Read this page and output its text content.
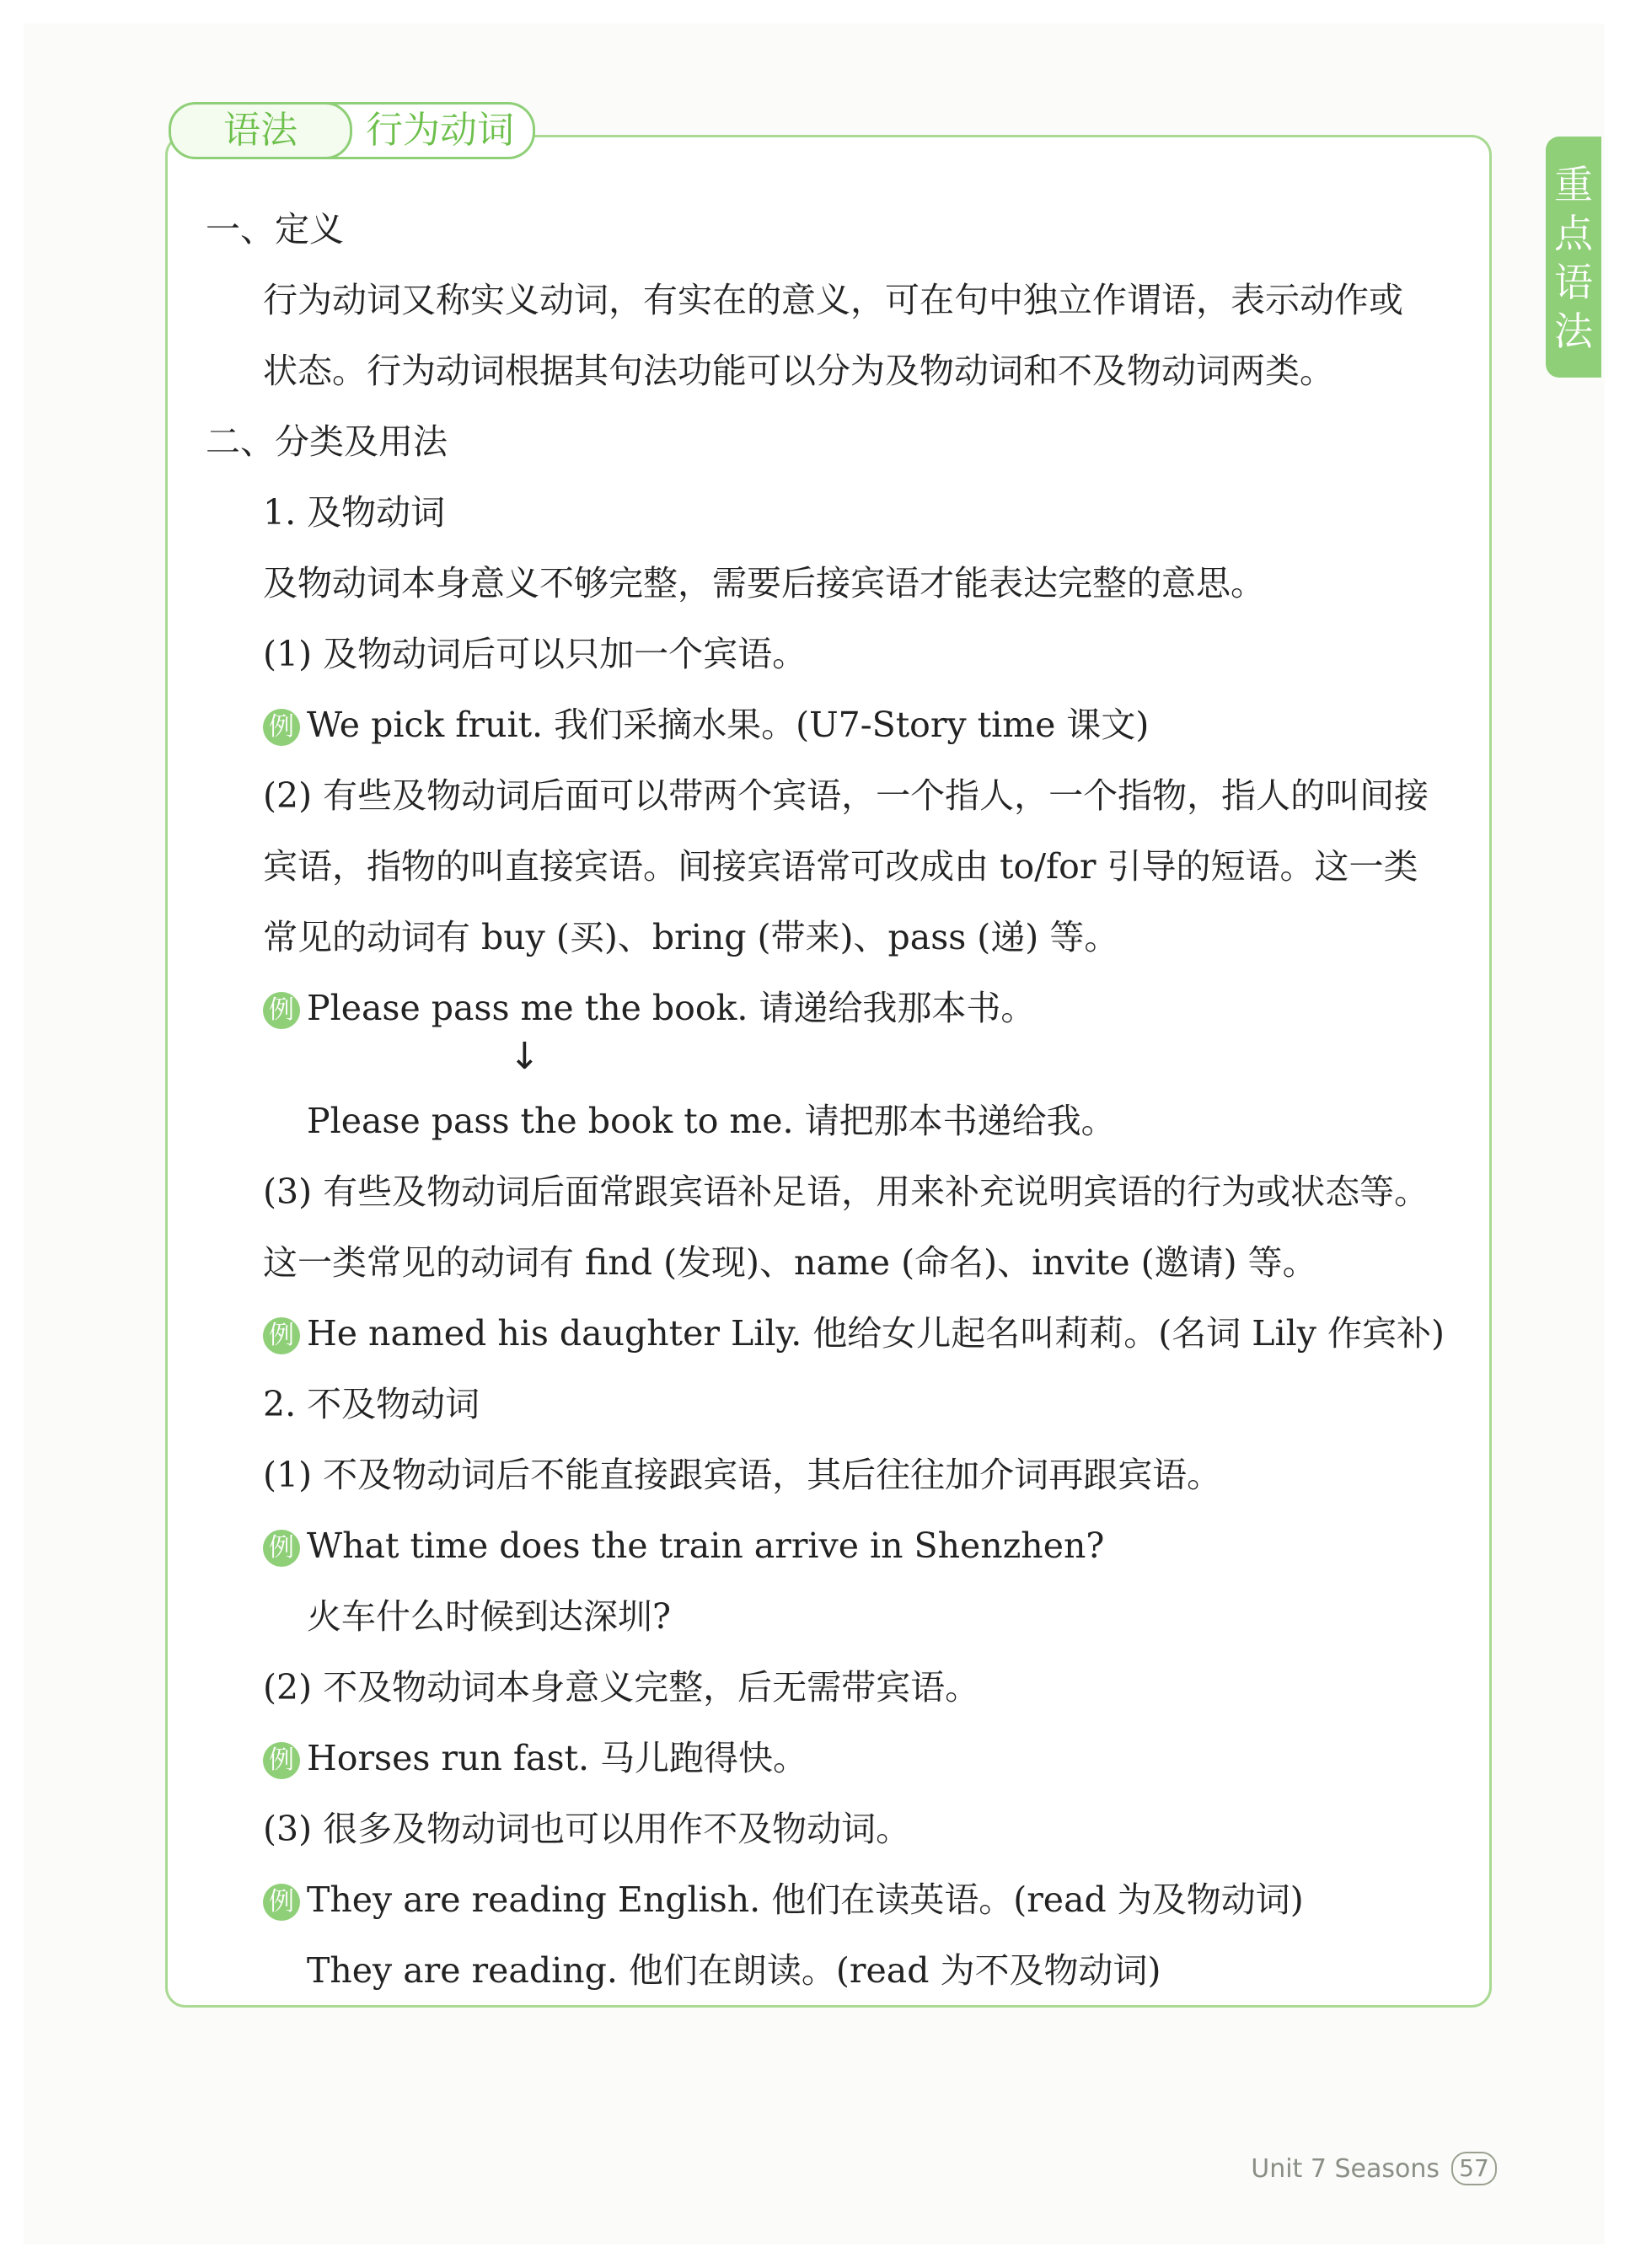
语法	行为动词
重
点
语
法
一、定义
行为动词又称实义动词，有实在的意义，可在句中独立作谓语，表示动作或
状态。行为动词根据其句法功能可以分为及物动词和不及物动词两类。
二、分类及用法
1. 及物动词
及物动词本身意义不够完整，需要后接宾语才能表达完整的意思。
(1) 及物动词后可以只加一个宾语。
例 We pick fruit. 我们采摘水果。(U7-Story time 课文)
(2) 有些及物动词后面可以带两个宾语，一个指人，一个指物，指人的叫间接
宾语，指物的叫直接宾语。间接宾语常可改成由 to/for 引导的短语。这一类
常见的动词有 buy (买)、bring (带来)、pass (递) 等。
例 Please pass me the book. 请递给我那本书。
↓
Please pass the book to me. 请把那本书递给我。
(3) 有些及物动词后面常跟宾语补足语，用来补充说明宾语的行为或状态等。
这一类常见的动词有 find (发现)、name (命名)、invite (邀请) 等。
例 He named his daughter Lily. 他给女儿起名叫莉莉。(名词 Lily 作宾补)
2. 不及物动词
(1) 不及物动词后不能直接跟宾语，其后往往加介词再跟宾语。
例 What time does the train arrive in Shenzhen?
火车什么时候到达深圳?
(2) 不及物动词本身意义完整，后无需带宾语。
例 Horses run fast. 马儿跑得快。
(3) 很多及物动词也可以用作不及物动词。
例 They are reading English. 他们在读英语。(read 为及物动词)
They are reading. 他们在朗读。(read 为不及物动词)
Unit 7 Seasons 57
